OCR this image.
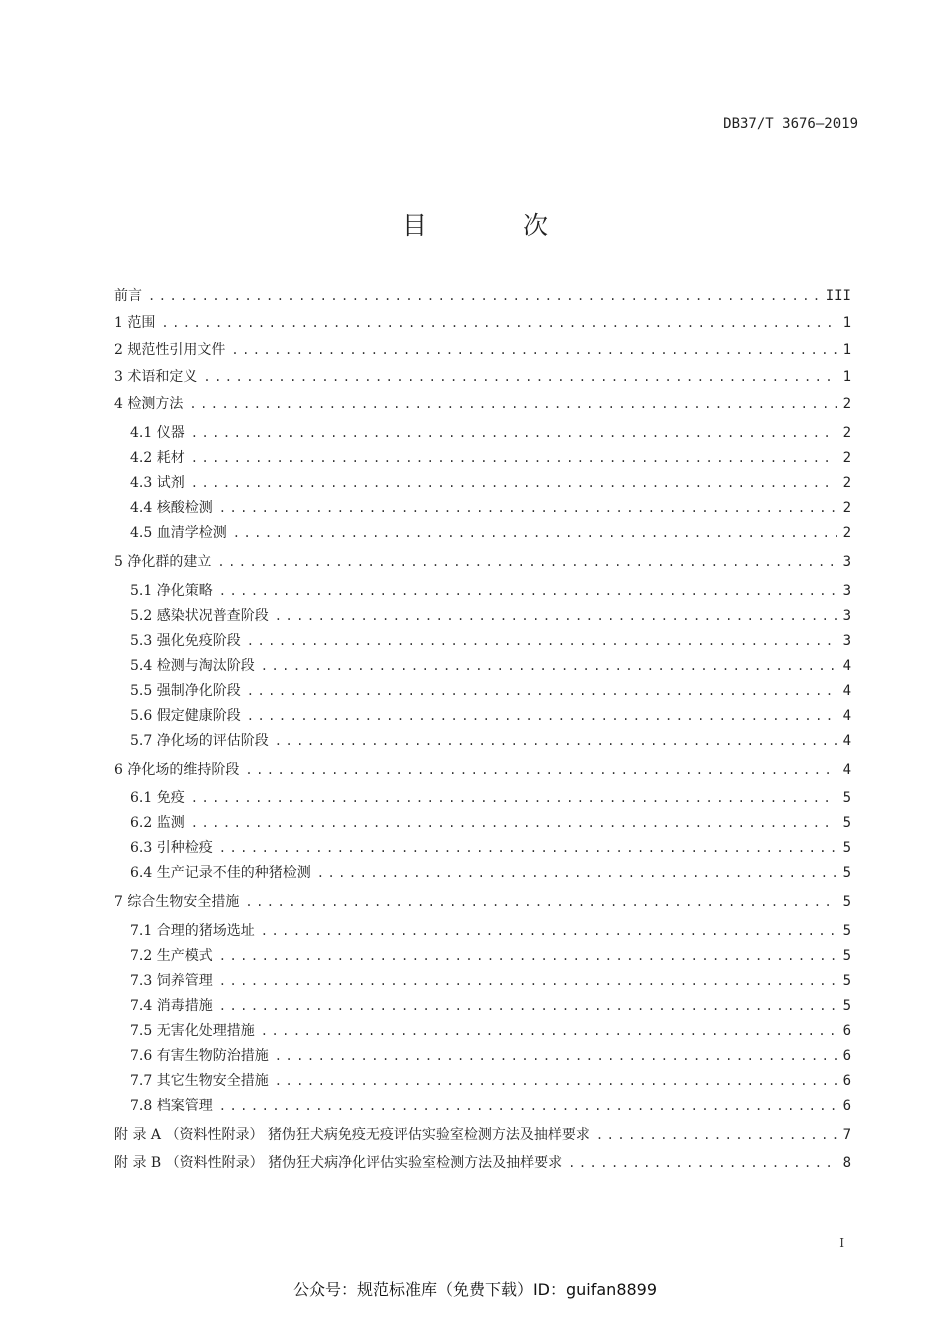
DB37/T 3676—2019
目 次
前言 .....	III
1 范围 .....	1
2 规范性引用文件 .....	1
3 术语和定义 .....	1
4 检测方法 .....	2
4.1 仪器 .....	2
4.2 耗材 .....	2
4.3 试剂 .....	2
4.4 核酸检测 .....	2
4.5 血清学检测 .....	2
5 净化群的建立 .....	3
5.1 净化策略 .....	3
5.2 感染状况普查阶段 .....	3
5.3 强化免疫阶段 .....	3
5.4 检测与淘汰阶段 .....	4
5.5 强制净化阶段 .....	4
5.6 假定健康阶段 .....	4
5.7 净化场的评估阶段 .....	4
6 净化场的维持阶段 .....	4
6.1 免疫 .....	5
6.2 监测 .....	5
6.3 引种检疫 .....	5
6.4 生产记录不佳的种猪检测 .....	5
7 综合生物安全措施 .....	5
7.1 合理的猪场选址 .....	5
7.2 生产模式 .....	5
7.3 饲养管理 .....	5
7.4 消毒措施 .....	5
7.5 无害化处理措施 .....	6
7.6 有害生物防治措施 .....	6
7.7 其它生物安全措施 .....	6
7.8 档案管理 .....	6
附 录 A （资料性附录） 猪伪狂犬病免疫无疫评估实验室检测方法及抽样要求 .....	7
附 录 B （资料性附录） 猪伪狂犬病净化评估实验室检测方法及抽样要求 .....	8
I
公众号：规范标准库（免费下载）ID：guifan8899
